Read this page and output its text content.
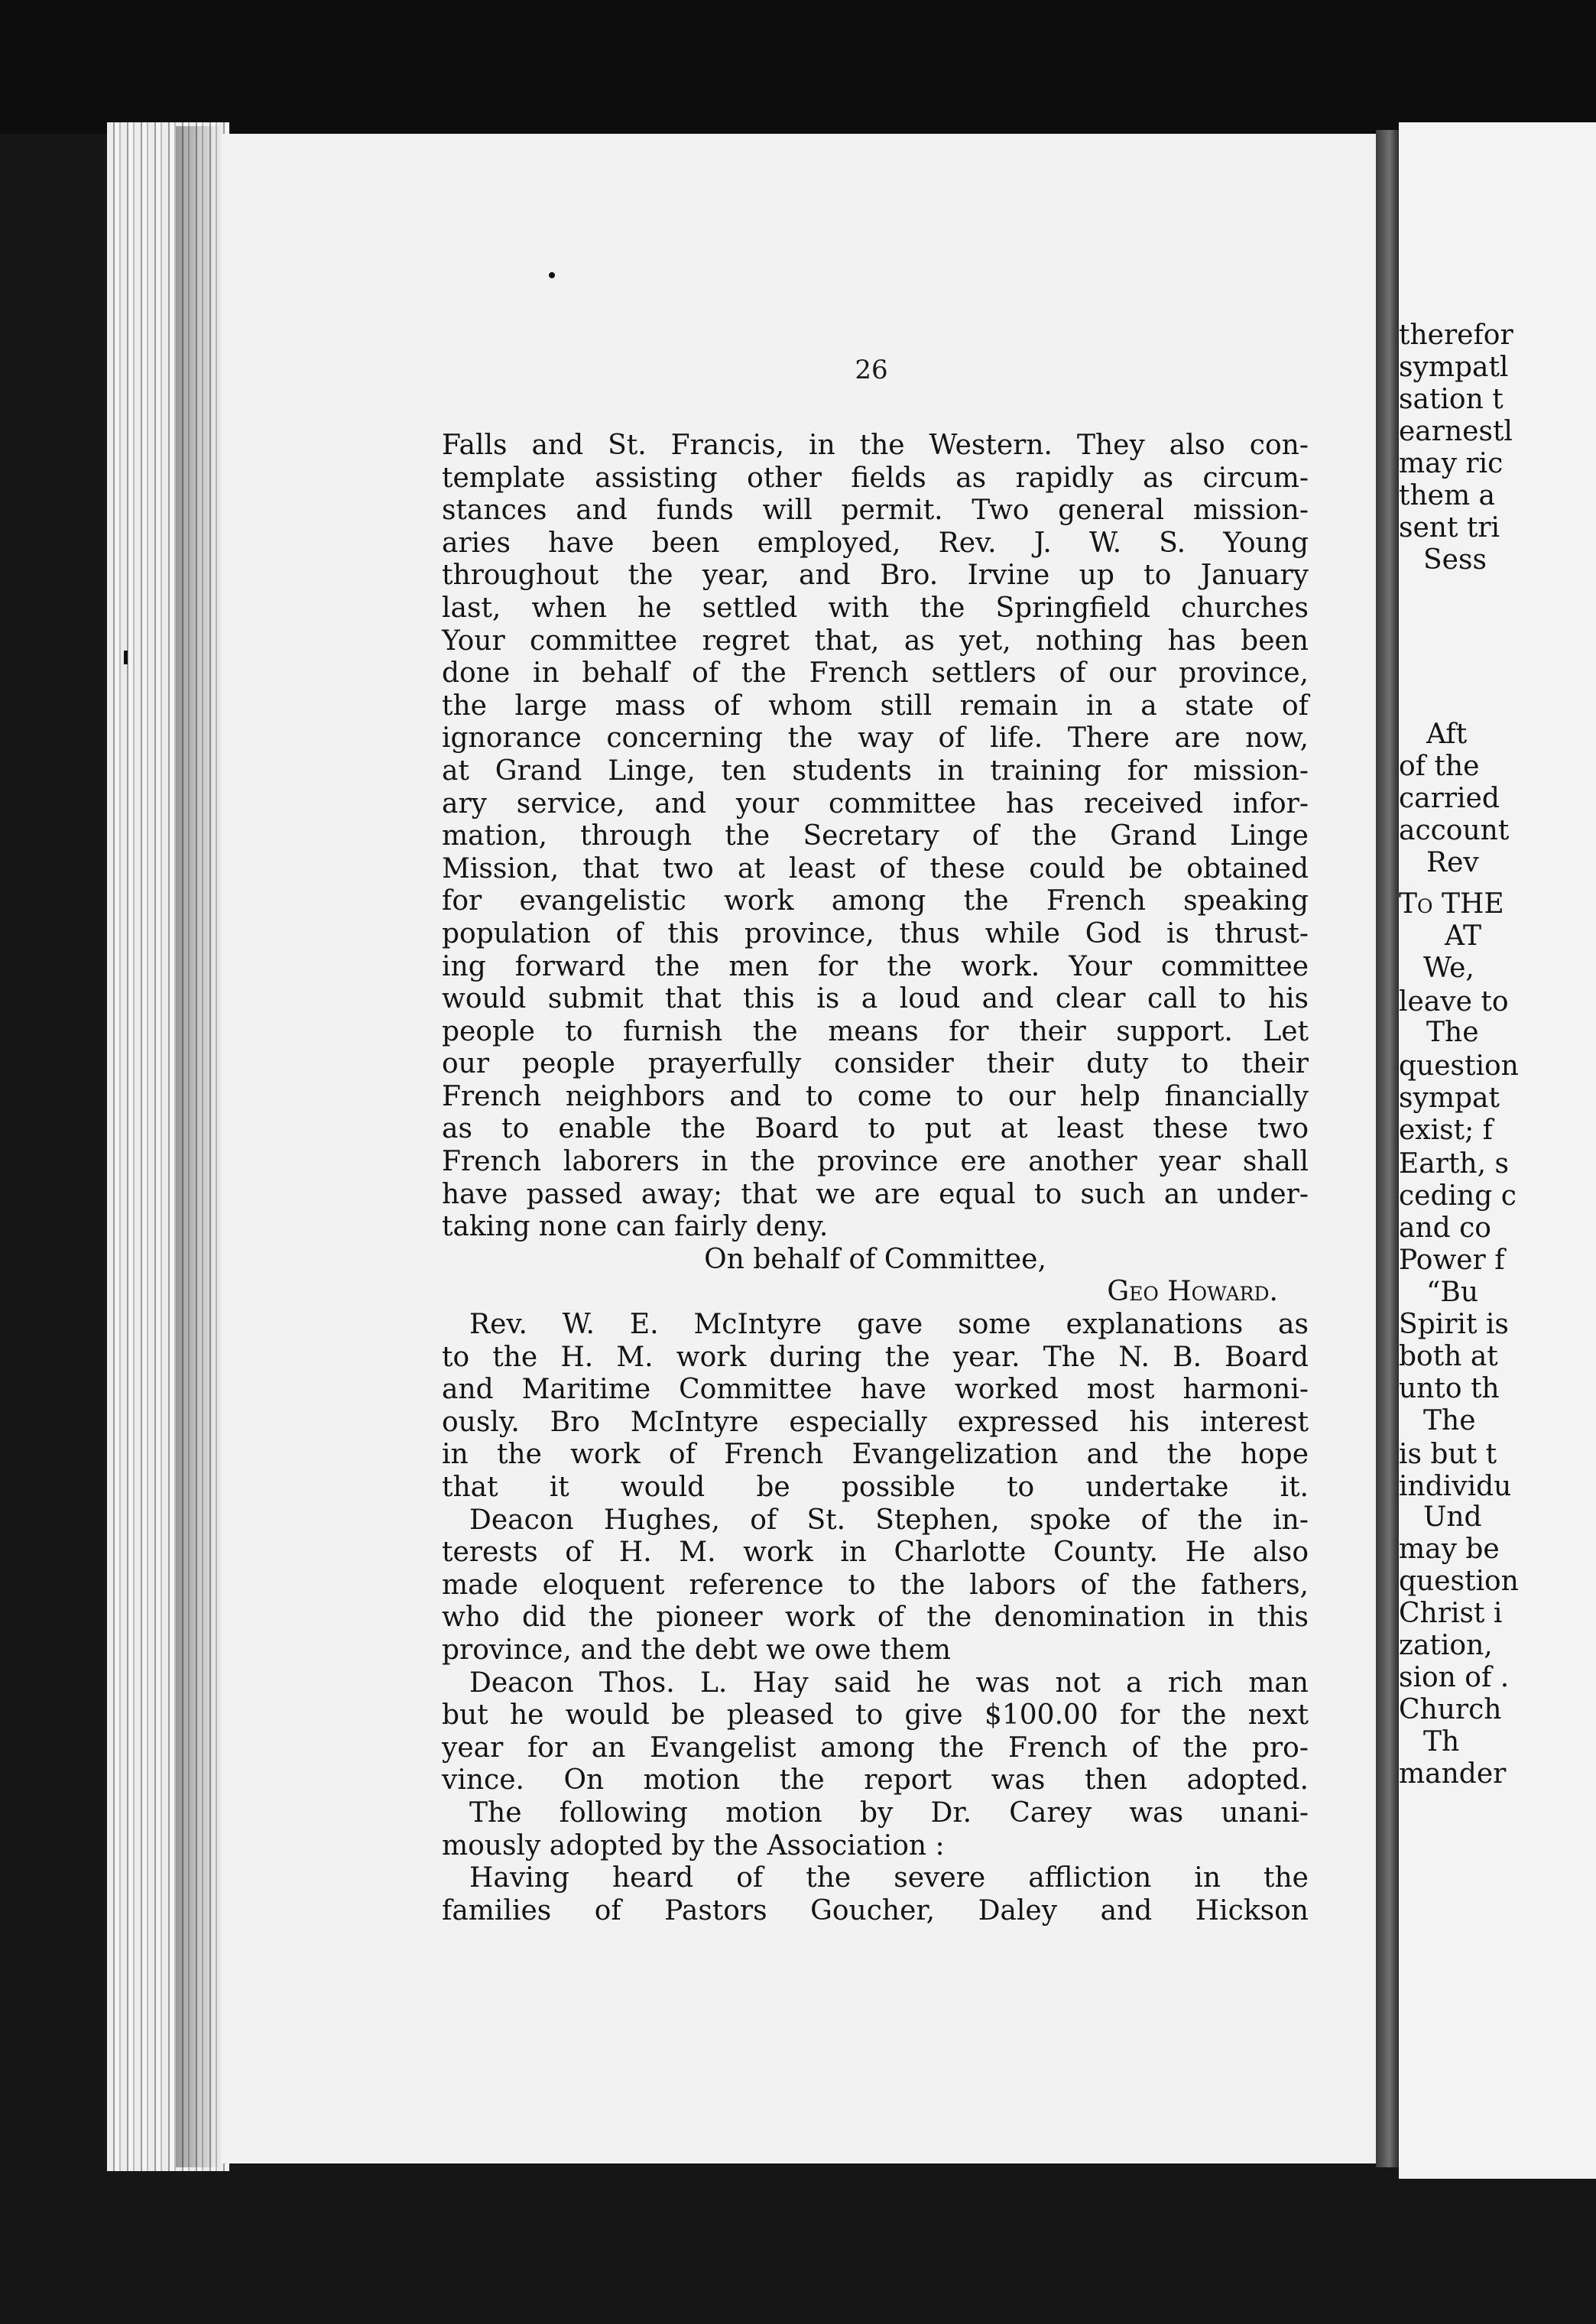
26
Falls and St. Francis, in the Western. They also con-
template assisting other fields as rapidly as circum-
stances and funds will permit. Two general mission-
aries have been employed, Rev. J. W. S. Young
throughout the year, and Bro. Irvine up to January
last, when he settled with the Springfield churches
Your committee regret that, as yet, nothing has been
done in behalf of the French settlers of our province,
the large mass of whom still remain in a state of
ignorance concerning the way of life. There are now,
at Grand Linge, ten students in training for mission-
ary service, and your committee has received infor-
mation, through the Secretary of the Grand Linge
Mission, that two at least of these could be obtained
for evangelistic work among the French speaking
population of this province, thus while God is thrust-
ing forward the men for the work. Your committee
would submit that this is a loud and clear call to his
people to furnish the means for their support. Let
our people prayerfully consider their duty to their
French neighbors and to come to our help financially
as to enable the Board to put at least these two
French laborers in the province ere another year shall
have passed away; that we are equal to such an under-
taking none can fairly deny.
On behalf of Committee,
Geo Howard.
Rev. W. E. McIntyre gave some explanations as
to the H. M. work during the year. The N. B. Board
and Maritime Committee have worked most harmoni-
ously. Bro McIntyre especially expressed his interest
in the work of French Evangelization and the hope
that it would be possible to undertake it.
Deacon Hughes, of St. Stephen, spoke of the in-
terests of H. M. work in Charlotte County. He also
made eloquent reference to the labors of the fathers,
who did the pioneer work of the denomination in this
province, and the debt we owe them
Deacon Thos. L. Hay said he was not a rich man
but he would be pleased to give $100.00 for the next
year for an Evangelist among the French of the pro-
vince. On motion the report was then adopted.
The following motion by Dr. Carey was unani-
mously adopted by the Association :
Having heard of the severe affliction in the
families of Pastors Goucher, Daley and Hickson
therefor
sympatl
sation t
earnestl
may ric
them a
sent tri
Sess
Aft
of the
carried
account
Rev
To THE
AT
We,
leave to
The
question
sympat
exist; f
Earth, s
ceding c
and co
Power f
“Bu
Spirit is
both at
unto th
The
is but t
individu
Und
may be
question
Christ i
zation,
sion of .
Church
Th
mander
